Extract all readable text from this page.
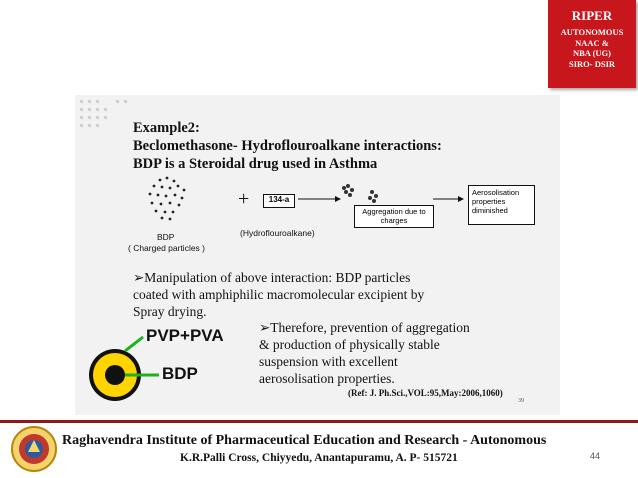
RIPER
AUTONOMOUS
NAAC &
NBA (UG)
SIRO- DSIR
Example2:
Beclomethasone- Hydroflouroalkane interactions:
BDP is a Steroidal drug used in Asthma
+	134-a
Aggregation due to charges
Aerosolisation properties diminished
BDP
( Charged particles )
(Hydroflouroalkane)
➢Manipulation of above interaction: BDP particles
coated with amphiphilic macromolecular excipient by
Spray drying.
PVP+PVA
BDP
➢Therefore, prevention of aggregation
& production of physically stable
suspension with excellent
aerosolisation properties.
(Ref: J. Ph.Sci.,VOL:95,May:2006,1060)
39
Raghavendra Institute of Pharmaceutical Education and Research - Autonomous
K.R.Palli Cross, Chiyyedu, Anantapuramu, A. P- 515721	44
